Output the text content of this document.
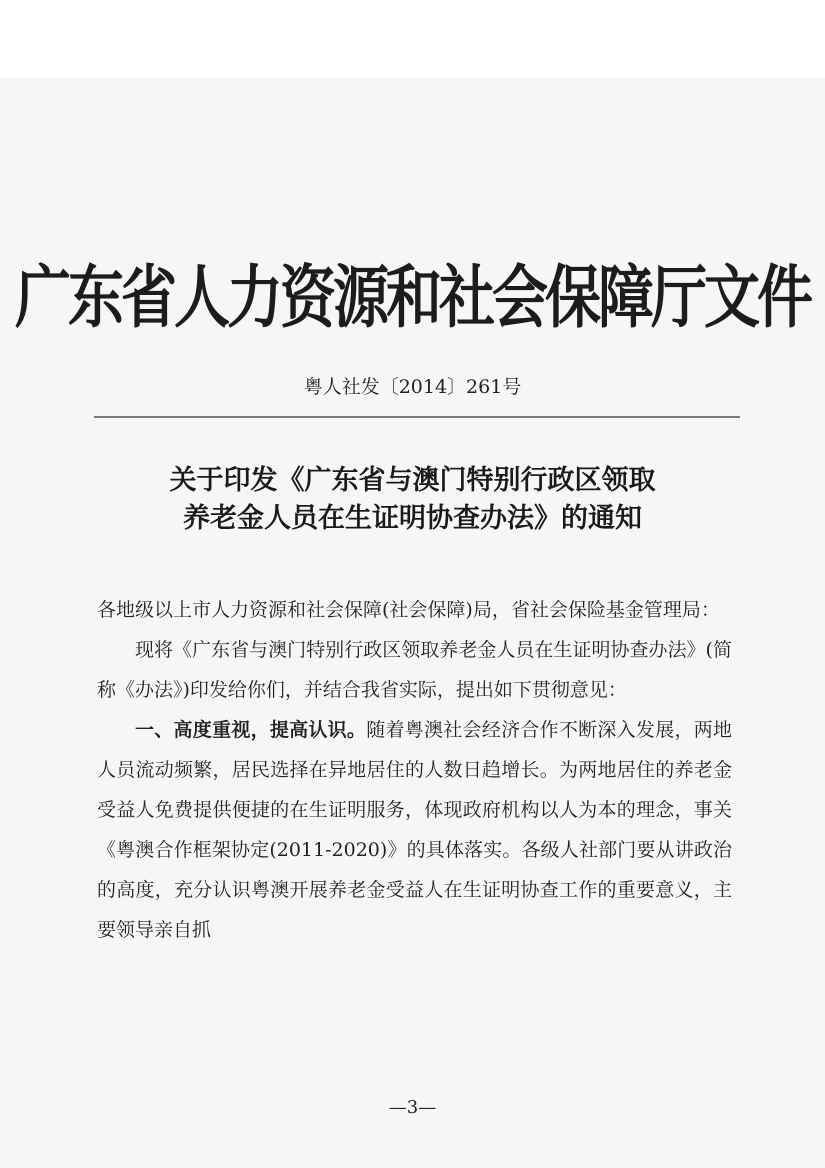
广东省人力资源和社会保障厅文件
粤人社发〔2014〕261号
关于印发《广东省与澳门特别行政区领取
养老金人员在生证明协查办法》的通知

各地级以上市人力资源和社会保障(社会保障)局，省社会保险基金管理局：

现将《广东省与澳门特别行政区领取养老金人员在生证明协查办法》(简称《办法》)印发给你们，并结合我省实际，提出如下贯彻意见：

一、高度重视，提高认识。随着粤澳社会经济合作不断深入发展，两地人员流动频繁，居民选择在异地居住的人数日趋增长。为两地居住的养老金受益人免费提供便捷的在生证明服务，体现政府机构以人为本的理念，事关《粤澳合作框架协定(2011-2020)》的具体落实。各级人社部门要从讲政治的高度，充分认识粤澳开展养老金受益人在生证明协查工作的重要意义，主要领导亲自抓

—3—
